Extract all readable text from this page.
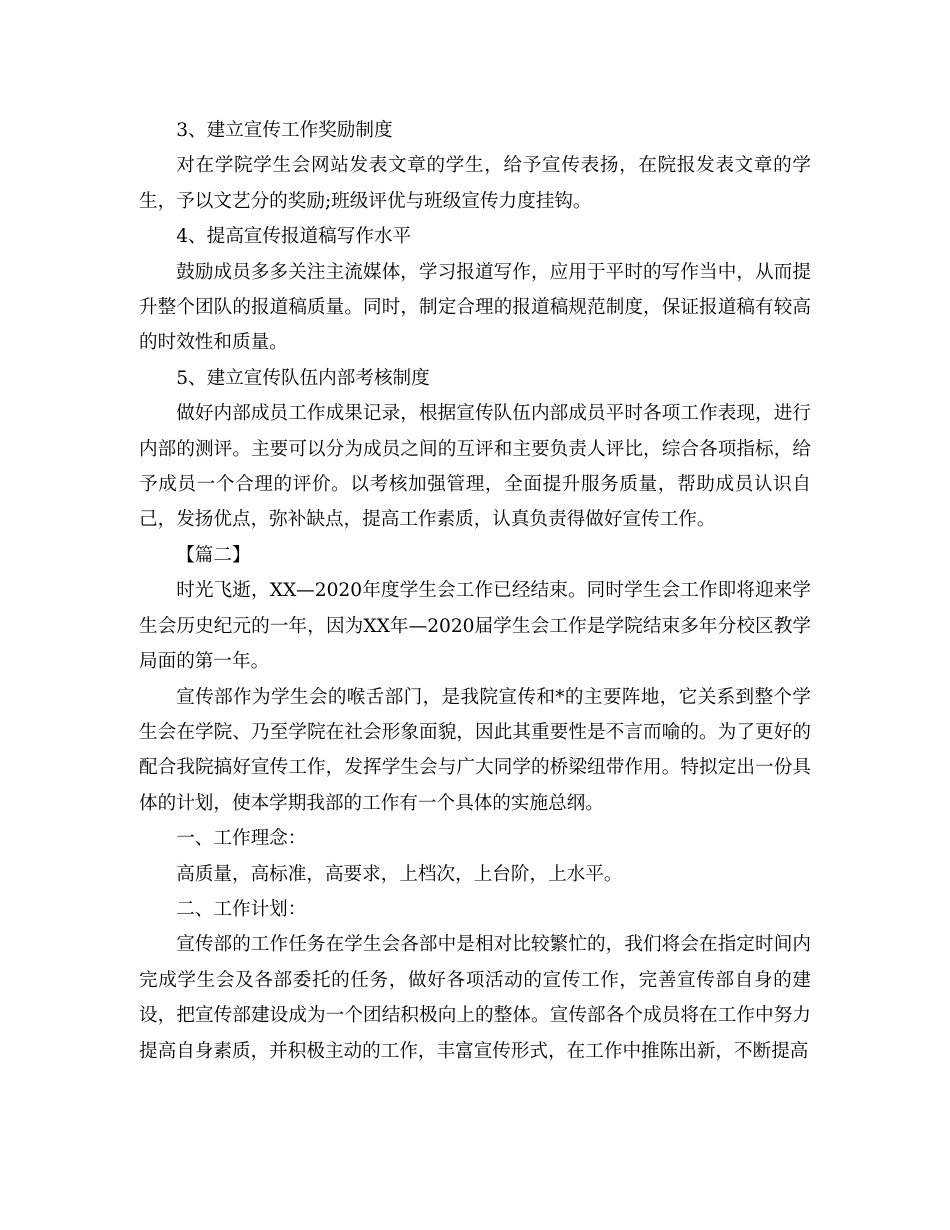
3、建立宣传工作奖励制度

对在学院学生会网站发表文章的学生，给予宣传表扬，在院报发表文章的学生，予以文艺分的奖励;班级评优与班级宣传力度挂钩。

4、提高宣传报道稿写作水平

鼓励成员多多关注主流媒体，学习报道写作，应用于平时的写作当中，从而提升整个团队的报道稿质量。同时，制定合理的报道稿规范制度，保证报道稿有较高的时效性和质量。

5、建立宣传队伍内部考核制度

做好内部成员工作成果记录，根据宣传队伍内部成员平时各项工作表现，进行内部的测评。主要可以分为成员之间的互评和主要负责人评比，综合各项指标，给予成员一个合理的评价。以考核加强管理，全面提升服务质量，帮助成员认识自己，发扬优点，弥补缺点，提高工作素质，认真负责得做好宣传工作。

【篇二】

时光飞逝，XX—2020年度学生会工作已经结束。同时学生会工作即将迎来学生会历史纪元的一年，因为XX年—2020届学生会工作是学院结束多年分校区教学局面的第一年。

宣传部作为学生会的喉舌部门，是我院宣传和*的主要阵地，它关系到整个学生会在学院、乃至学院在社会形象面貌，因此其重要性是不言而喻的。为了更好的配合我院搞好宣传工作，发挥学生会与广大同学的桥梁纽带作用。特拟定出一份具体的计划，使本学期我部的工作有一个具体的实施总纲。

一、工作理念：

高质量，高标准，高要求，上档次，上台阶，上水平。

二、工作计划：

宣传部的工作任务在学生会各部中是相对比较繁忙的，我们将会在指定时间内完成学生会及各部委托的任务，做好各项活动的宣传工作，完善宣传部自身的建设，把宣传部建设成为一个团结积极向上的整体。宣传部各个成员将在工作中努力提高自身素质，并积极主动的工作，丰富宣传形式，在工作中推陈出新，不断提高
